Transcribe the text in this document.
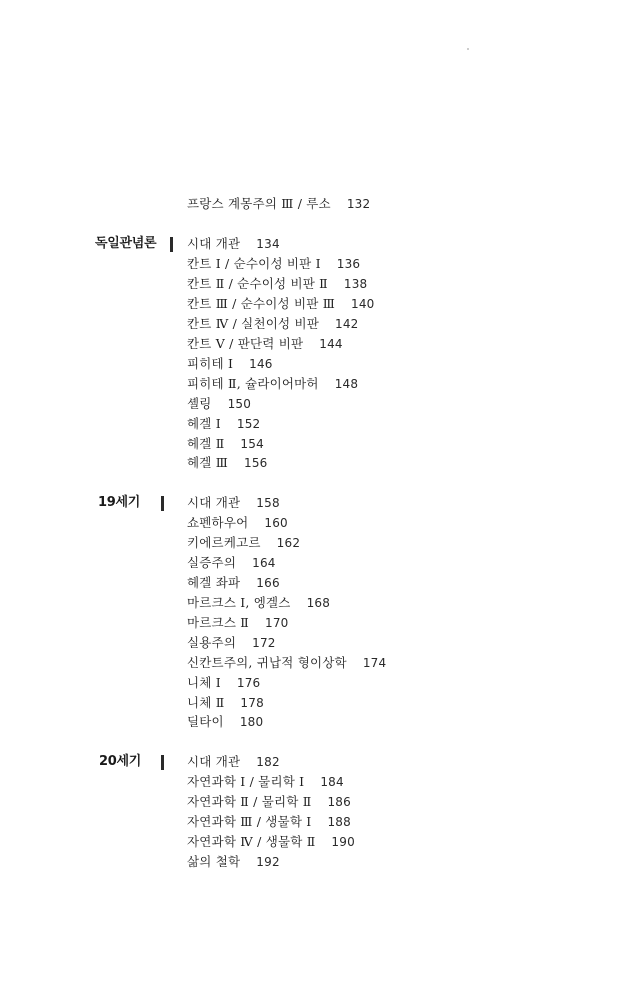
프랑스 계몽주의 Ⅲ / 루소 132
독일관념론 시대 개관 134
칸트 Ⅰ / 순수이성 비판 Ⅰ 136
칸트 Ⅱ / 순수이성 비판 Ⅱ 138
칸트 Ⅲ / 순수이성 비판 Ⅲ 140
칸트 Ⅳ / 실천이성 비판 142
칸트 Ⅴ / 판단력 비판 144
피히테 Ⅰ 146
피히테 Ⅱ, 슐라이어마허 148
셸링 150
헤겔 Ⅰ 152
헤겔 Ⅱ 154
헤겔 Ⅲ 156
19세기	시대 개관 158
쇼펜하우어 160
키에르케고르 162
실증주의 164
헤겔 좌파 166
마르크스 Ⅰ, 엥겔스 168
마르크스 Ⅱ 170
실용주의 172
신칸트주의, 귀납적 형이상학 174
니체 Ⅰ 176
니체 Ⅱ 178
딜타이 180
20세기	시대 개관 182
자연과학 Ⅰ / 물리학 Ⅰ 184
자연과학 Ⅱ / 물리학 Ⅱ 186
자연과학 Ⅲ / 생물학 Ⅰ 188
자연과학 Ⅳ / 생물학 Ⅱ 190
삶의 철학 192
